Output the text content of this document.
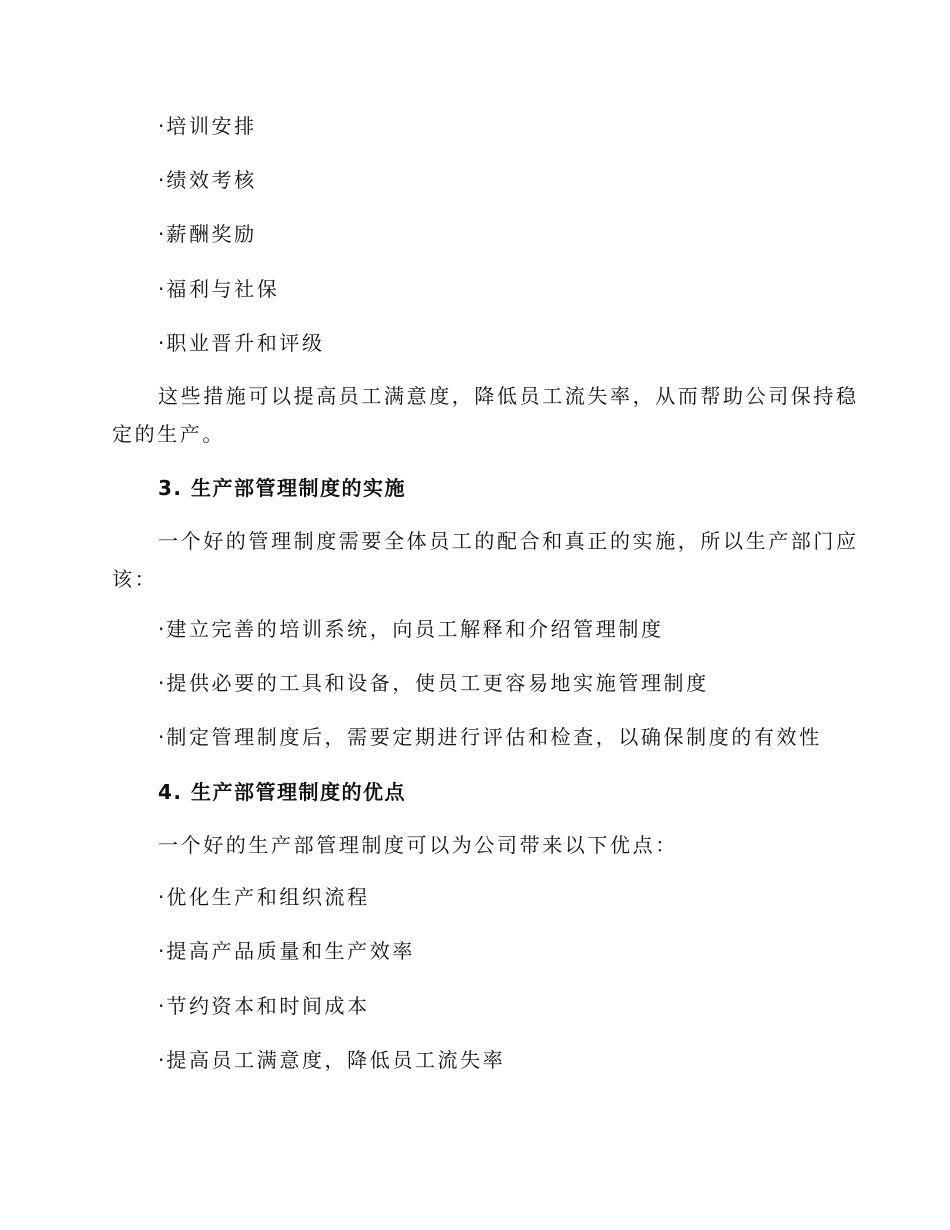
· 培训安排
· 绩效考核
· 薪酬奖励
· 福利与社保
· 职业晋升和评级
这些措施可以提高员工满意度，降低员工流失率，从而帮助公司保持稳
定的生产。
3. 生产部管理制度的实施
一个好的管理制度需要全体员工的配合和真正的实施，所以生产部门应
该：
· 建立完善的培训系统，向员工解释和介绍管理制度
· 提供必要的工具和设备，使员工更容易地实施管理制度
· 制定管理制度后，需要定期进行评估和检查，以确保制度的有效性
4. 生产部管理制度的优点
一个好的生产部管理制度可以为公司带来以下优点：
· 优化生产和组织流程
· 提高产品质量和生产效率
· 节约资本和时间成本
· 提高员工满意度，降低员工流失率
